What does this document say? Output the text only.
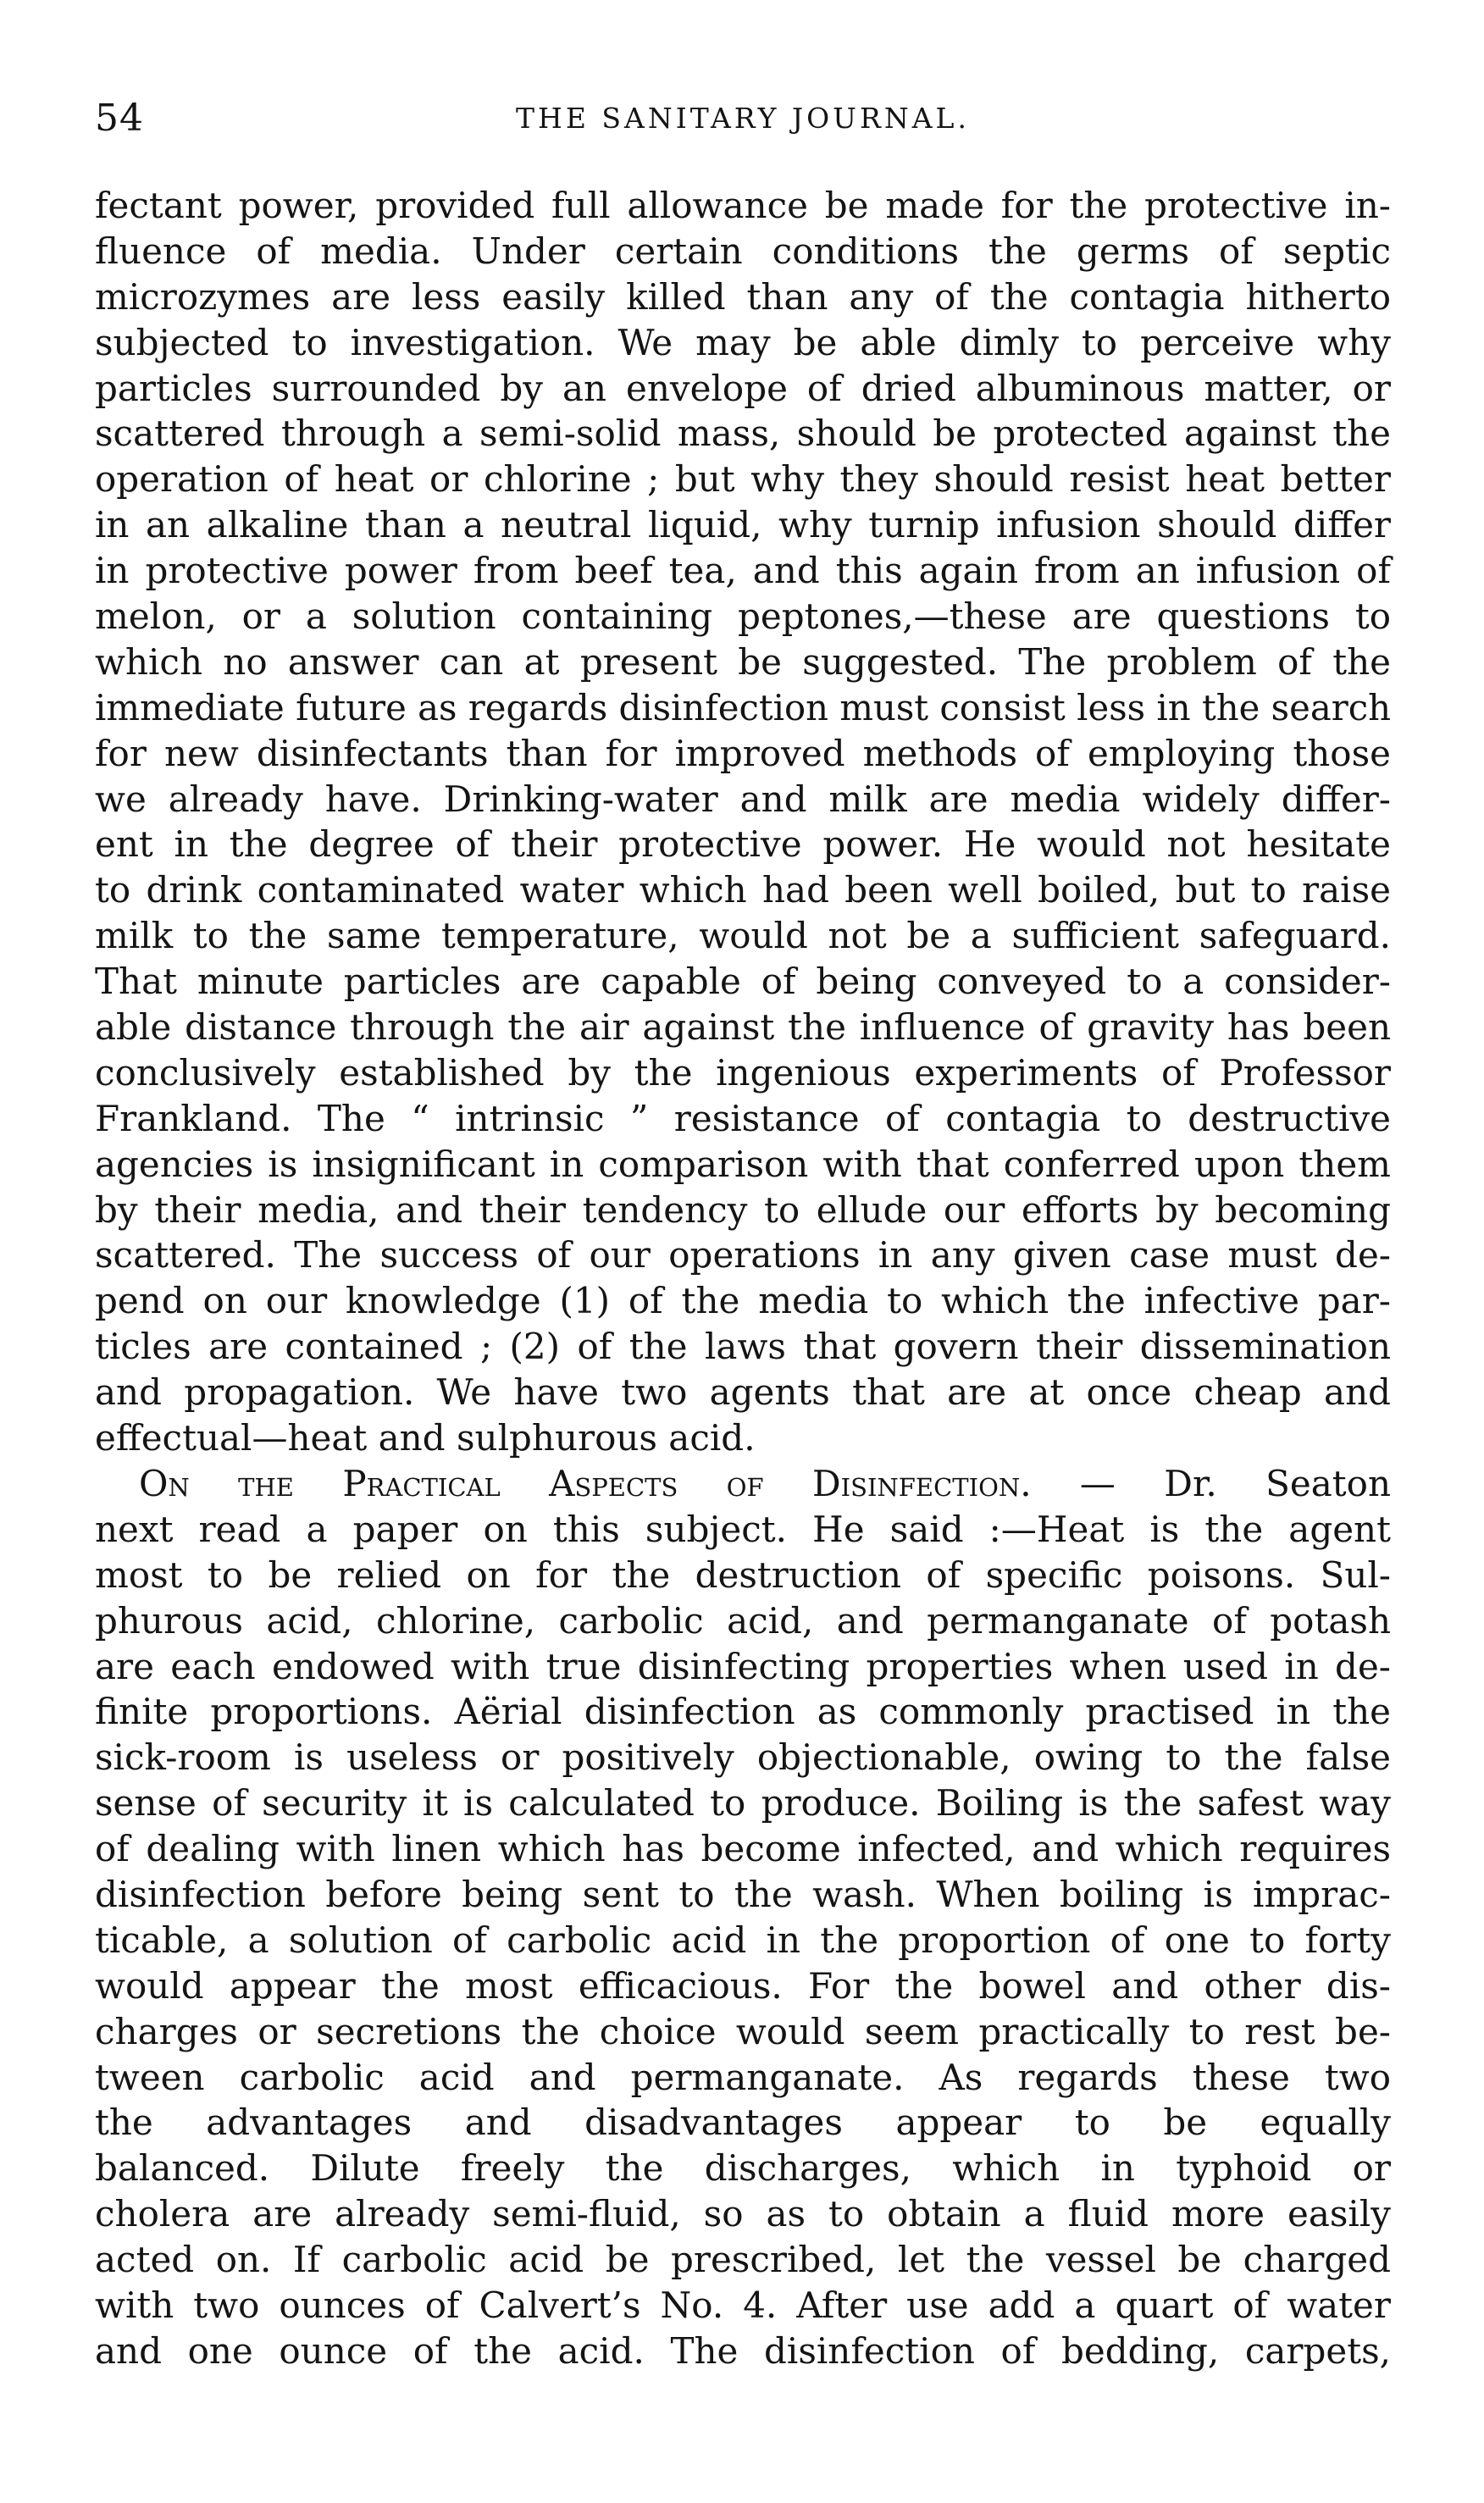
54	THE SANITARY JOURNAL.
fectant power, provided full allowance be made for the protective in-
fluence of media. Under certain conditions the germs of septic
microzymes are less easily killed than any of the contagia hitherto
subjected to investigation. We may be able dimly to perceive why
particles surrounded by an envelope of dried albuminous matter, or
scattered through a semi-solid mass, should be protected against the
operation of heat or chlorine ; but why they should resist heat better
in an alkaline than a neutral liquid, why turnip infusion should differ
in protective power from beef tea, and this again from an infusion of
melon, or a solution containing peptones,—these are questions to
which no answer can at present be suggested. The problem of the
immediate future as regards disinfection must consist less in the search
for new disinfectants than for improved methods of employing those
we already have. Drinking-water and milk are media widely differ-
ent in the degree of their protective power. He would not hesitate
to drink contaminated water which had been well boiled, but to raise
milk to the same temperature, would not be a sufficient safeguard.
That minute particles are capable of being conveyed to a consider-
able distance through the air against the influence of gravity has been
conclusively established by the ingenious experiments of Professor
Frankland. The “ intrinsic ” resistance of contagia to destructive
agencies is insignificant in comparison with that conferred upon them
by their media, and their tendency to ellude our efforts by becoming
scattered. The success of our operations in any given case must de-
pend on our knowledge (1) of the media to which the infective par-
ticles are contained ; (2) of the laws that govern their dissemination
and propagation. We have two agents that are at once cheap and
effectual—heat and sulphurous acid.
On the Practical Aspects of Disinfection. — Dr. Seaton
next read a paper on this subject. He said :—Heat is the agent
most to be relied on for the destruction of specific poisons. Sul-
phurous acid, chlorine, carbolic acid, and permanganate of potash
are each endowed with true disinfecting properties when used in de-
finite proportions. Aërial disinfection as commonly practised in the
sick-room is useless or positively objectionable, owing to the false
sense of security it is calculated to produce. Boiling is the safest way
of dealing with linen which has become infected, and which requires
disinfection before being sent to the wash. When boiling is imprac-
ticable, a solution of carbolic acid in the proportion of one to forty
would appear the most efficacious. For the bowel and other dis-
charges or secretions the choice would seem practically to rest be-
tween carbolic acid and permanganate. As regards these two
the advantages and disadvantages appear to be equally
balanced. Dilute freely the discharges, which in typhoid or
cholera are already semi-fluid, so as to obtain a fluid more easily
acted on. If carbolic acid be prescribed, let the vessel be charged
with two ounces of Calvert’s No. 4. After use add a quart of water
and one ounce of the acid. The disinfection of bedding, carpets,
